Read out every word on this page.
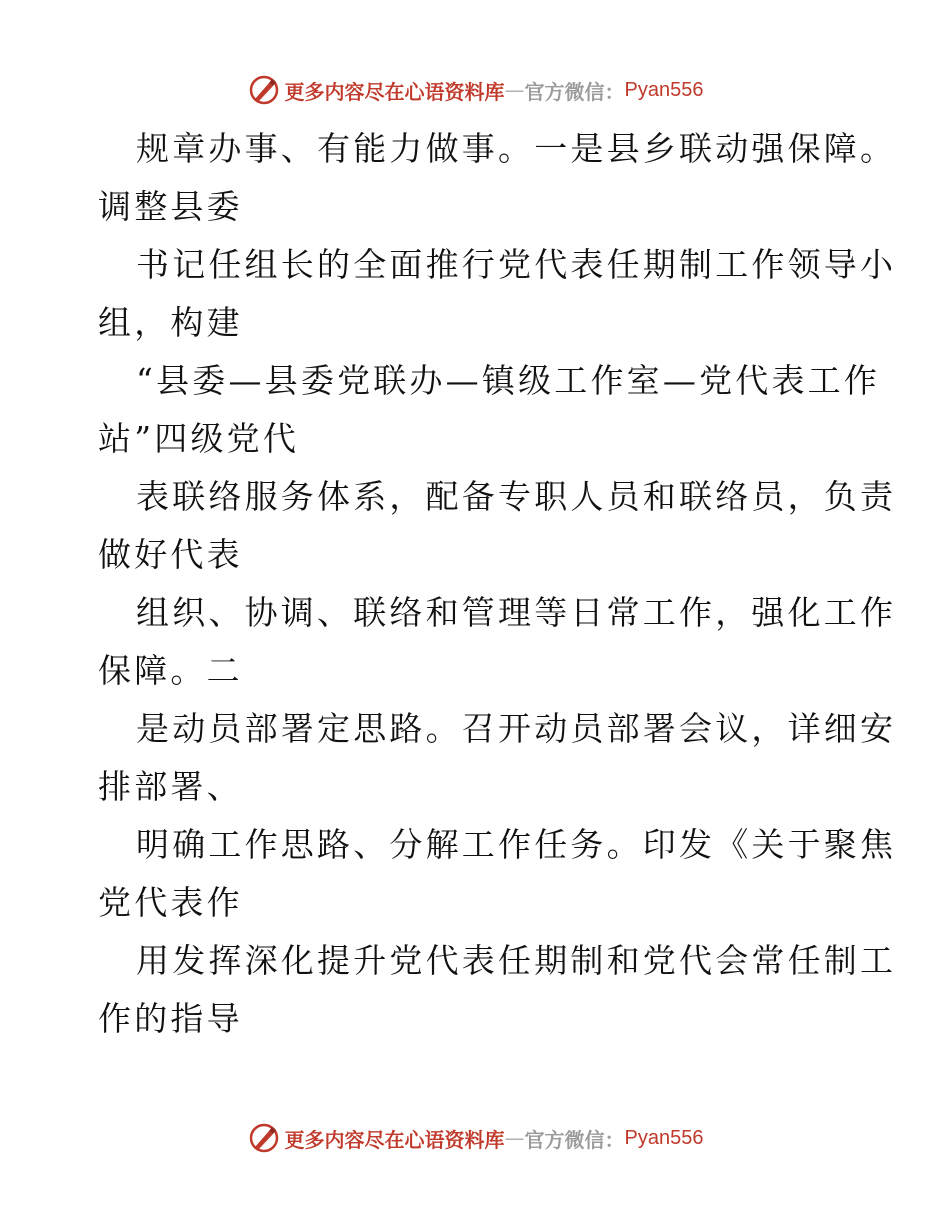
更多内容尽在心语资料库 — 官方微信： Pyan556
规章办事、有能力做事。一是县乡联动强保障。
调整县委
书记任组长的全面推行党代表任期制工作领导小
组，构建
“县委—县委党联办—镇级工作室—党代表工作
站”四级党代
表联络服务体系，配备专职人员和联络员，负责
做好代表
组织、协调、联络和管理等日常工作，强化工作
保障。二
是动员部署定思路。召开动员部署会议，详细安
排部署、
明确工作思路、分解工作任务。印发《关于聚焦
党代表作
用发挥深化提升党代表任期制和党代会常任制工
作的指导
更多内容尽在心语资料库 — 官方微信： Pyan556
